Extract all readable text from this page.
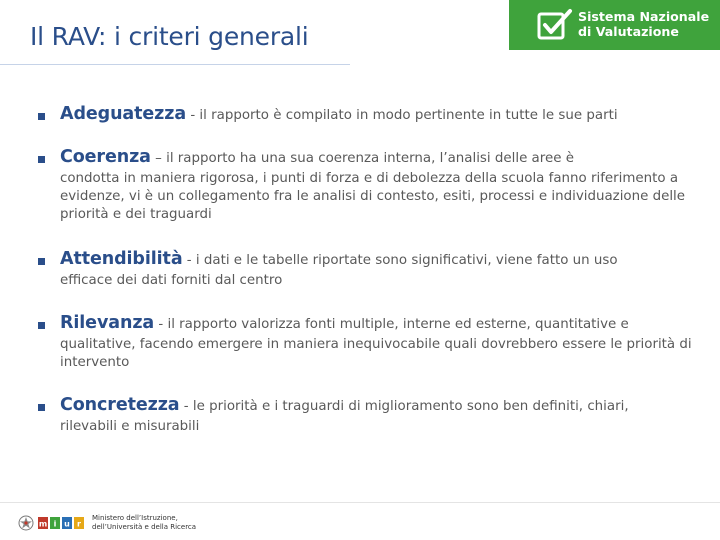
Il RAV: i criteri generali
Sistema Nazionale
di Valutazione
Adeguatezza - il rapporto è compilato in modo pertinente in tutte le sue parti
Coerenza – il rapporto ha una sua coerenza interna, l’analisi delle aree è
condotta in maniera rigorosa, i punti di forza e di debolezza della scuola fanno riferimento a evidenze, vi è un collegamento fra le analisi di contesto, esiti, processi e individuazione delle priorità e dei traguardi
Attendibilità - i dati e le tabelle riportate sono significativi, viene fatto un uso
efficace dei dati forniti dal centro
Rilevanza - il rapporto valorizza fonti multiple, interne ed esterne, quantitative e
qualitative, facendo emergere in maniera inequivocabile quali dovrebbero essere le priorità di intervento
Concretezza - le priorità e i traguardi di miglioramento sono ben definiti, chiari,
rilevabili e misurabili
m i u r
Ministero dell’Istruzione,
dell’Università e della Ricerca
